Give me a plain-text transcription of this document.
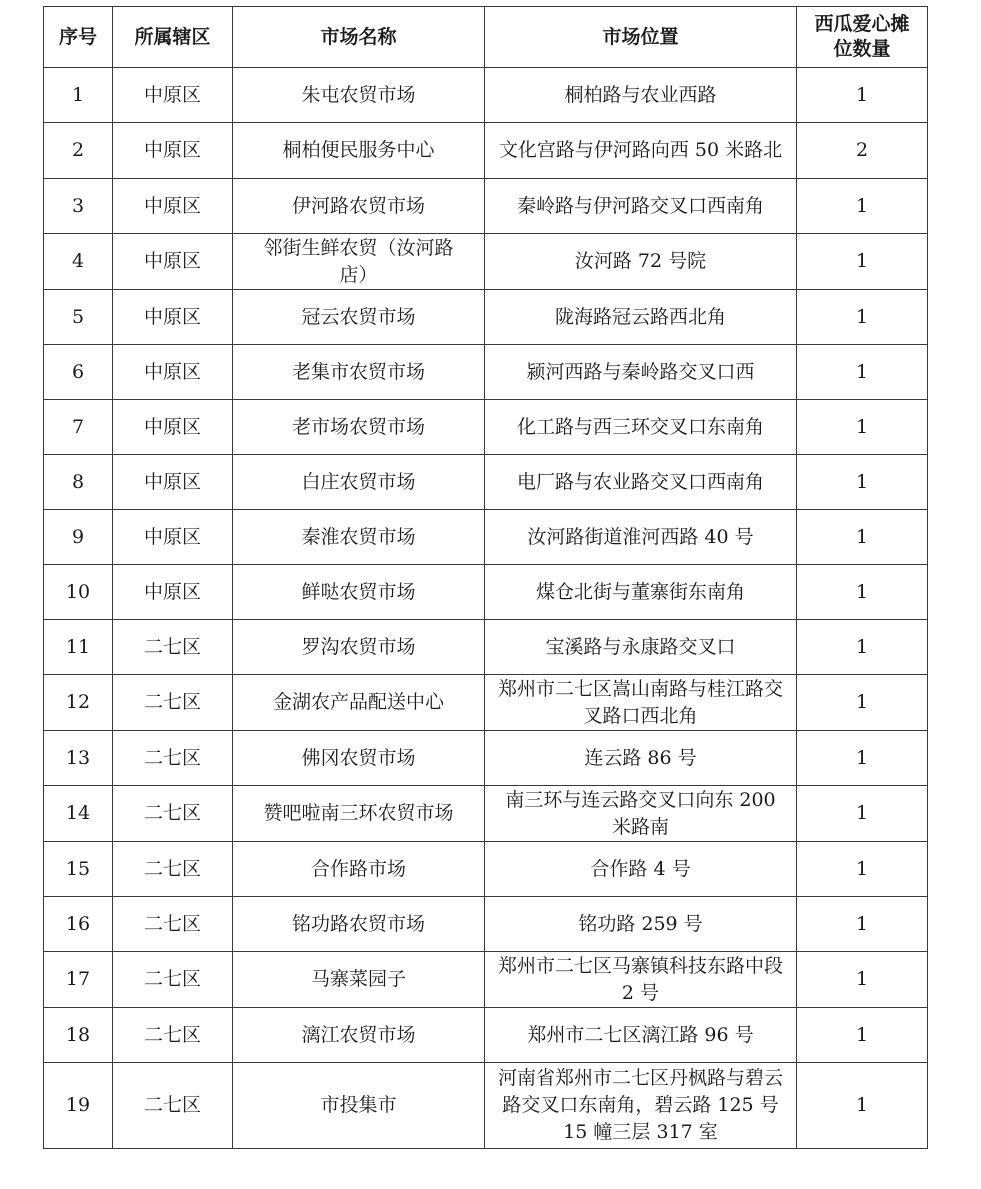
序号	所属辖区	市场名称	市场位置	西瓜爱心摊位数量
1	中原区	朱屯农贸市场	桐柏路与农业西路	1
2	中原区	桐柏便民服务中心	文化宫路与伊河路向西 50 米路北	2
3	中原区	伊河路农贸市场	秦岭路与伊河路交叉口西南角	1
4	中原区	邻街生鲜农贸（汝河路店）	汝河路 72 号院	1
5	中原区	冠云农贸市场	陇海路冠云路西北角	1
6	中原区	老集市农贸市场	颍河西路与秦岭路交叉口西	1
7	中原区	老市场农贸市场	化工路与西三环交叉口东南角	1
8	中原区	白庄农贸市场	电厂路与农业路交叉口西南角	1
9	中原区	秦淮农贸市场	汝河路街道淮河西路 40 号	1
10	中原区	鲜哒农贸市场	煤仓北街与董寨街东南角	1
11	二七区	罗沟农贸市场	宝溪路与永康路交叉口	1
12	二七区	金湖农产品配送中心	郑州市二七区嵩山南路与桂江路交叉路口西北角	1
13	二七区	佛冈农贸市场	连云路 86 号	1
14	二七区	赞吧啦南三环农贸市场	南三环与连云路交叉口向东 200 米路南	1
15	二七区	合作路市场	合作路 4 号	1
16	二七区	铭功路农贸市场	铭功路 259 号	1
17	二七区	马寨菜园子	郑州市二七区马寨镇科技东路中段 2 号	1
18	二七区	漓江农贸市场	郑州市二七区漓江路 96 号	1
19	二七区	市投集市	河南省郑州市二七区丹枫路与碧云路交叉口东南角，碧云路 125 号 15 幢三层 317 室	1
